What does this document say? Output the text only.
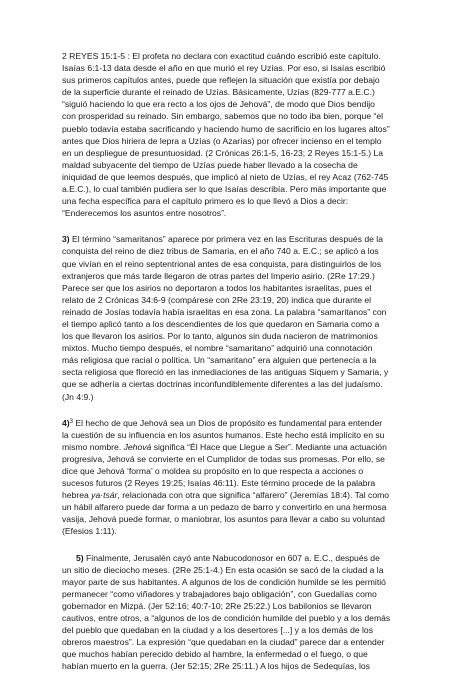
2 REYES 15:1-5 : El profeta no declara con exactitud cuándo escribió este capítulo. Isaías 6:1-13 data desde el año en que murió el rey Uzías. Por eso, si Isaías escribió sus primeros capítulos antes, puede que reflejen la situación que existía por debajo de la superficie durante el reinado de Uzías. Básicamente, Uzías (829-777 a.E.C.) “siguió haciendo lo que era recto a los ojos de Jehová”, de modo que Dios bendijo con prosperidad su reinado. Sin embargo, sabemos que no todo iba bien, porque “el pueblo todavía estaba sacrificando y haciendo humo de sacrificio en los lugares altos” antes que Dios hiriera de lepra a Uzías (o Azarías) por ofrecer incienso en el templo en un despliegue de presuntuosidad. (2 Crónicas 26:1-5, 16-23; 2 Reyes 15:1-5.) La maldad subyacente del tiempo de Uzías puede haber llevado a la cosecha de iniquidad de que leemos después, que implicó al nieto de Uzías, el rey Acaz (762-745 a.E.C.), lo cual también pudiera ser lo que Isaías describía. Pero más importante que una fecha específica para el capítulo primero es lo que llevó a Dios a decir: “Enderecemos los asuntos entre nosotros”.

3) El término “samaritanos” aparece por primera vez en las Escrituras después de la conquista del reino de diez tribus de Samaria, en el año 740 a. E.C.; se aplicó a los que vivían en el reino septentrional antes de esa conquista, para distinguirlos de los extranjeros que más tarde llegaron de otras partes del Imperio asirio. (2Re 17:29.) Parece ser que los asirios no deportaron a todos los habitantes israelitas, pues el relato de 2 Crónicas 34:6-9 (compárese con 2Re 23:19, 20) indica que durante el reinado de Josías todavía había israelitas en esa zona. La palabra “samaritanos” con el tiempo aplicó tanto a los descendientes de los que quedaron en Samaria como a los que llevaron los asirios. Por lo tanto, algunos sin duda nacieron de matrimonios mixtos. Mucho tiempo después, el nombre “samaritano” adquirió una connotación más religiosa que racial o política. Un “samaritano” era alguien que pertenecía a la secta religiosa que floreció en las inmediaciones de las antiguas Siquem y Samaria, y que se adhería a ciertas doctrinas inconfundiblemente diferentes a las del judaísmo. (Jn 4:9.)

4)$^3$ El hecho de que Jehová sea un Dios de propósito es fundamental para entender la cuestión de su influencia en los asuntos humanos. Este hecho está implícito en su mismo nombre. Jehová significa “Él Hace que Llegue a Ser”. Mediante una actuación progresiva, Jehová se convierte en el Cumplidor de todas sus promesas. Por ello, se dice que Jehová ‘forma’ o moldea su propósito en lo que respecta a acciones o sucesos futuros (2 Reyes 19:25; Isaías 46:11). Este término procede de la palabra hebrea ya·tsár, relacionada con otra que significa “alfarero” (Jeremías 18:4). Tal como un hábil alfarero puede dar forma a un pedazo de barro y convertirlo en una hermosa vasija, Jehová puede formar, o maniobrar, los asuntos para llevar a cabo su voluntad (Efesios 1:11).

5) Finalmente, Jerusalén cayó ante Nabucodonosor en 607 a. E.C., después de un sitio de dieciocho meses. (2Re 25:1-4.) En esta ocasión se sacó de la ciudad a la mayor parte de sus habitantes. A algunos de los de condición humilde se les permitió permanecer “como viñadores y trabajadores bajo obligación”, con Guedalías como gobernador en Mizpá. (Jer 52:16; 40:7-10; 2Re 25:22.) Los babilonios se llevaron cautivos, entre otros, a “algunos de los de condición humilde del pueblo y a los demás del pueblo que quedaban en la ciudad y a los desertores [...] y a los demás de los obreros maestros”. La expresión “que quedaban en la ciudad” parece dar a entender que muchos habían perecido debido al hambre, la enfermedad o el fuego, o que habían muerto en la guerra. (Jer 52:15; 2Re 25:11.) A los hijos de Sedequías, los
